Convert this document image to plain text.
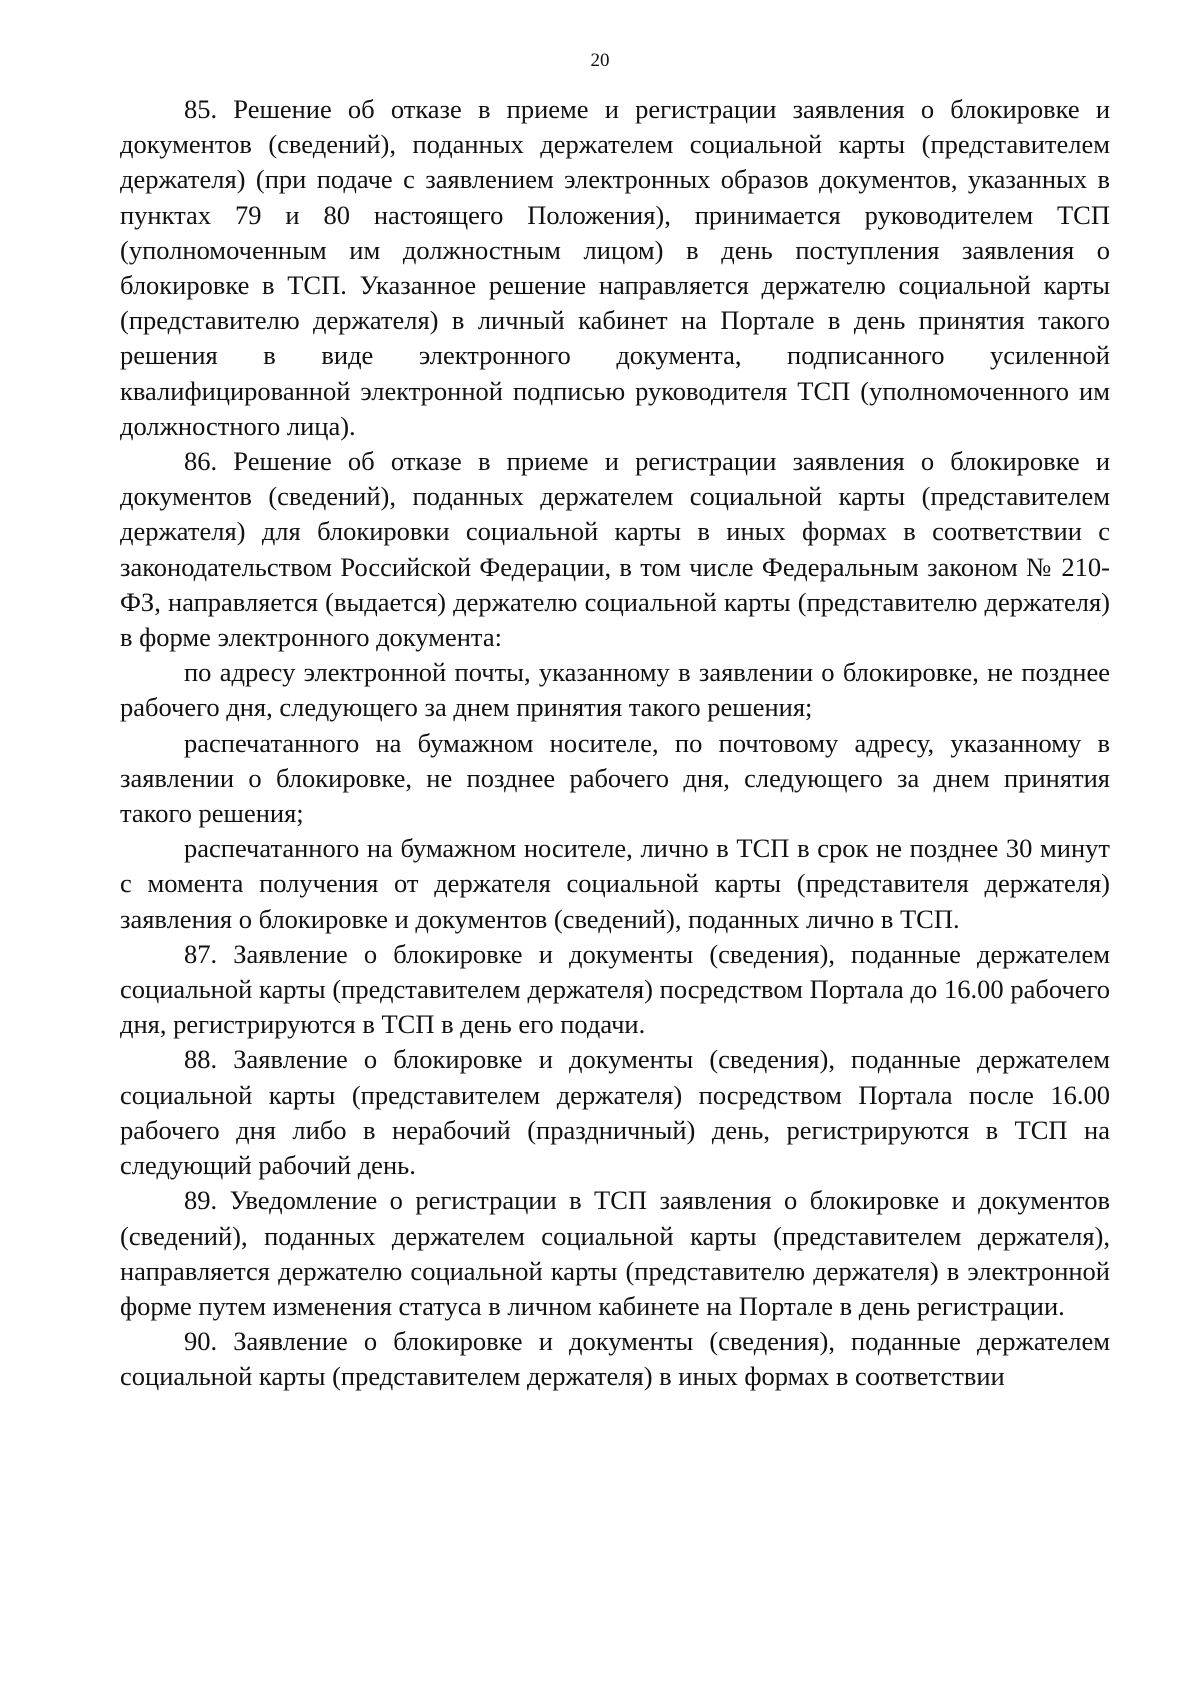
20

85. Решение об отказе в приеме и регистрации заявления о блокировке и документов (сведений), поданных держателем социальной карты (представителем держателя) (при подаче с заявлением электронных образов документов, указанных в пунктах 79 и 80 настоящего Положения), принимается руководителем ТСП (уполномоченным им должностным лицом) в день поступления заявления о блокировке в ТСП. Указанное решение направляется держателю социальной карты (представителю держателя) в личный кабинет на Портале в день принятия такого решения в виде электронного документа, подписанного усиленной квалифицированной электронной подписью руководителя ТСП (уполномоченного им должностного лица).

86. Решение об отказе в приеме и регистрации заявления о блокировке и документов (сведений), поданных держателем социальной карты (представителем держателя) для блокировки социальной карты в иных формах в соответствии с законодательством Российской Федерации, в том числе Федеральным законом № 210-ФЗ, направляется (выдается) держателю социальной карты (представителю держателя) в форме электронного документа:

по адресу электронной почты, указанному в заявлении о блокировке, не позднее рабочего дня, следующего за днем принятия такого решения;

распечатанного на бумажном носителе, по почтовому адресу, указанному в заявлении о блокировке, не позднее рабочего дня, следующего за днем принятия такого решения;

распечатанного на бумажном носителе, лично в ТСП в срок не позднее 30 минут с момента получения от держателя социальной карты (представителя держателя) заявления о блокировке и документов (сведений), поданных лично в ТСП.

87. Заявление о блокировке и документы (сведения), поданные держателем социальной карты (представителем держателя) посредством Портала до 16.00 рабочего дня, регистрируются в ТСП в день его подачи.

88. Заявление о блокировке и документы (сведения), поданные держателем социальной карты (представителем держателя) посредством Портала после 16.00 рабочего дня либо в нерабочий (праздничный) день, регистрируются в ТСП на следующий рабочий день.

89. Уведомление о регистрации в ТСП заявления о блокировке и документов (сведений), поданных держателем социальной карты (представителем держателя), направляется держателю социальной карты (представителю держателя) в электронной форме путем изменения статуса в личном кабинете на Портале в день регистрации.

90. Заявление о блокировке и документы (сведения), поданные держателем социальной карты (представителем держателя) в иных формах в соответствии
